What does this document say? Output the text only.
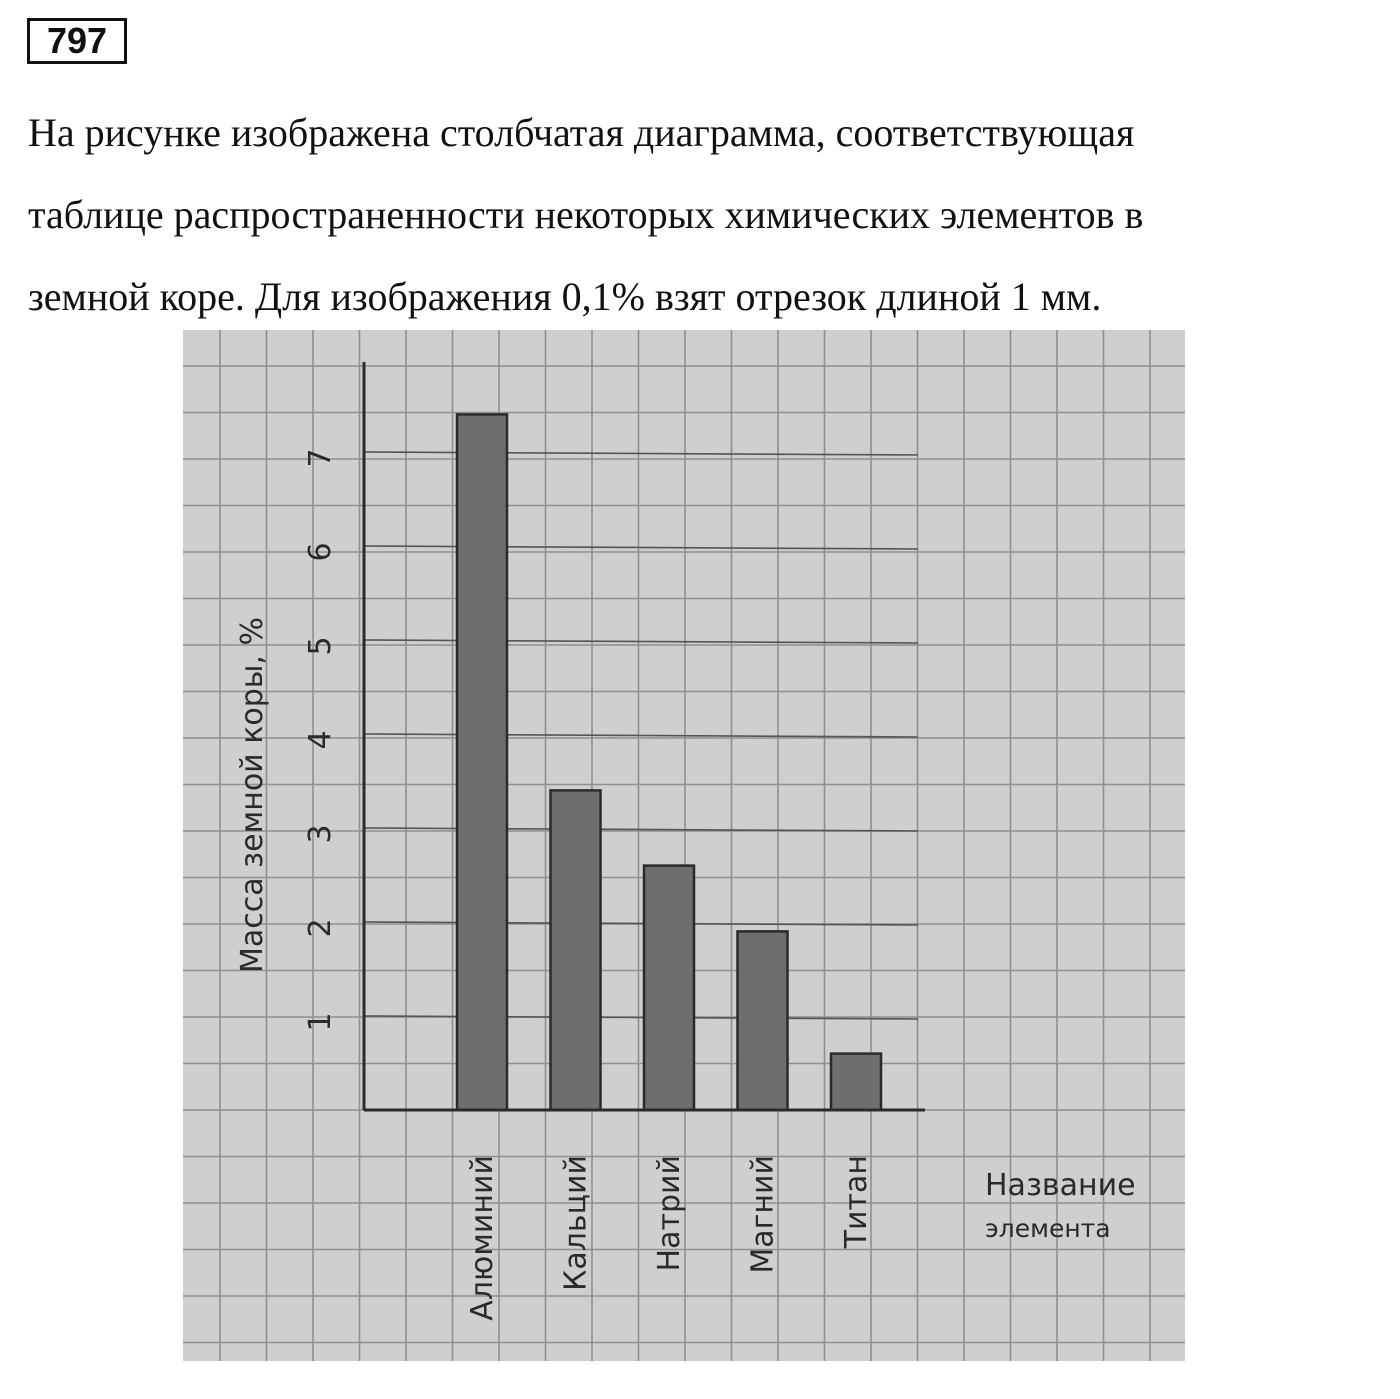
797
На рисунке изображена столбчатая диаграмма, соответствующая
таблице распространенности некоторых химических элементов в
земной коре. Для изображения 0,1% взят отрезок длиной 1 мм.
1
2
3
4
5
6
7
Алюминий Кальций Натрий Магний Титан
Масса земной коры, %
Название
элемента
